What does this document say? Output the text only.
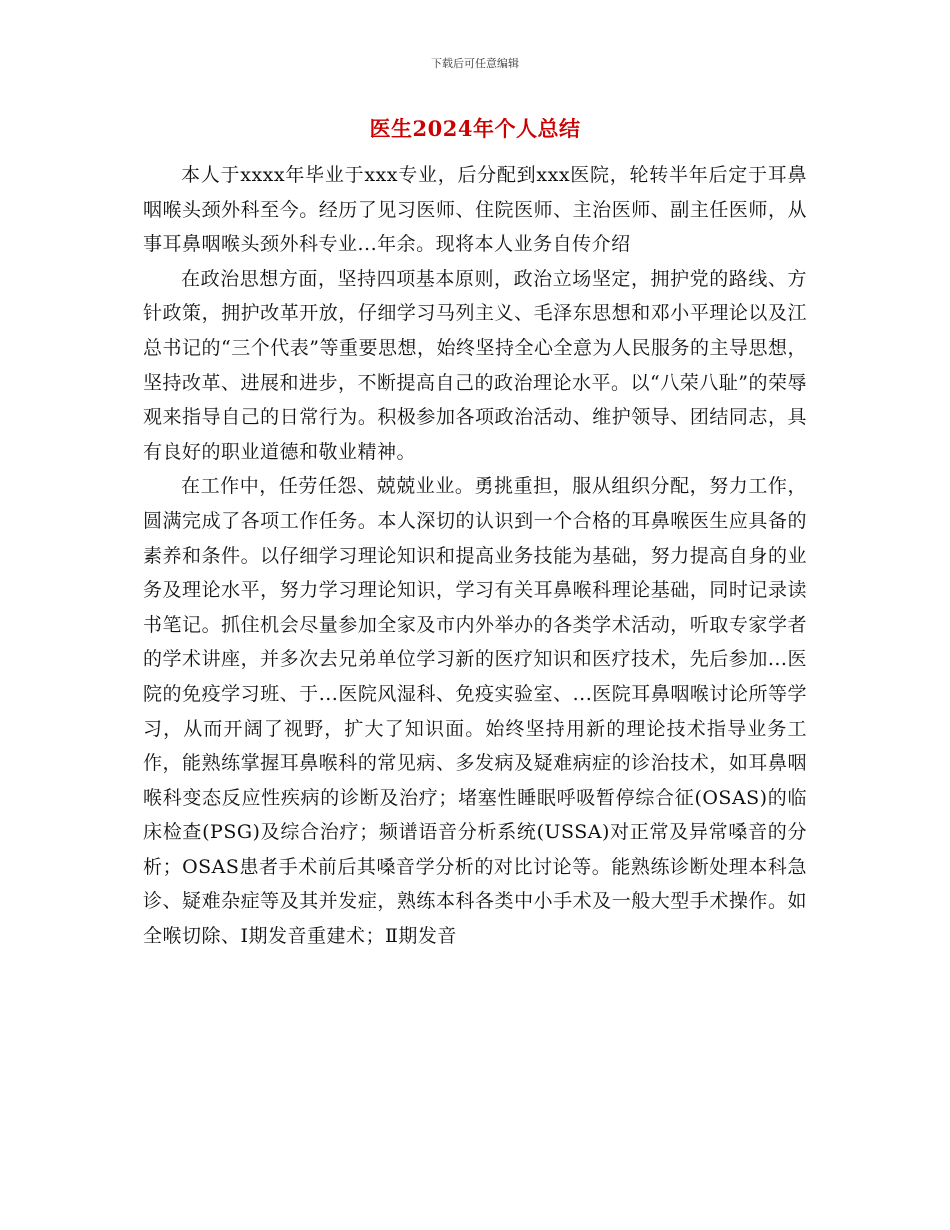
下载后可任意编辑
医生2024年个人总结

本人于xxxx年毕业于xxx专业，后分配到xxx医院，轮转半年后定于耳鼻咽喉头颈外科至今。经历了见习医师、住院医师、主治医师、副主任医师，从事耳鼻咽喉头颈外科专业...年余。现将本人业务自传介绍

在政治思想方面，坚持四项基本原则，政治立场坚定，拥护党的路线、方针政策，拥护改革开放，仔细学习马列主义、毛泽东思想和邓小平理论以及江总书记的“三个代表”等重要思想，始终坚持全心全意为人民服务的主导思想，坚持改革、进展和进步，不断提高自己的政治理论水平。以“八荣八耻”的荣辱观来指导自己的日常行为。积极参加各项政治活动、维护领导、团结同志，具有良好的职业道德和敬业精神。

在工作中，任劳任怨、兢兢业业。勇挑重担，服从组织分配，努力工作，圆满完成了各项工作任务。本人深切的认识到一个合格的耳鼻喉医生应具备的素养和条件。以仔细学习理论知识和提高业务技能为基础，努力提高自身的业务及理论水平，努力学习理论知识，学习有关耳鼻喉科理论基础，同时记录读书笔记。抓住机会尽量参加全家及市内外举办的各类学术活动，听取专家学者的学术讲座，并多次去兄弟单位学习新的医疗知识和医疗技术，先后参加...医院的免疫学习班、于...医院风湿科、免疫实验室、...医院耳鼻咽喉讨论所等学习，从而开阔了视野，扩大了知识面。始终坚持用新的理论技术指导业务工作，能熟练掌握耳鼻喉科的常见病、多发病及疑难病症的诊治技术，如耳鼻咽喉科变态反应性疾病的诊断及治疗；堵塞性睡眠呼吸暂停综合征(OSAS)的临床检查(PSG)及综合治疗；频谱语音分析系统(USSA)对正常及异常嗓音的分析；OSAS患者手术前后其嗓音学分析的对比讨论等。能熟练诊断处理本科急诊、疑难杂症等及其并发症，熟练本科各类中小手术及一般大型手术操作。如全喉切除、Ⅰ期发音重建术；Ⅱ期发音
